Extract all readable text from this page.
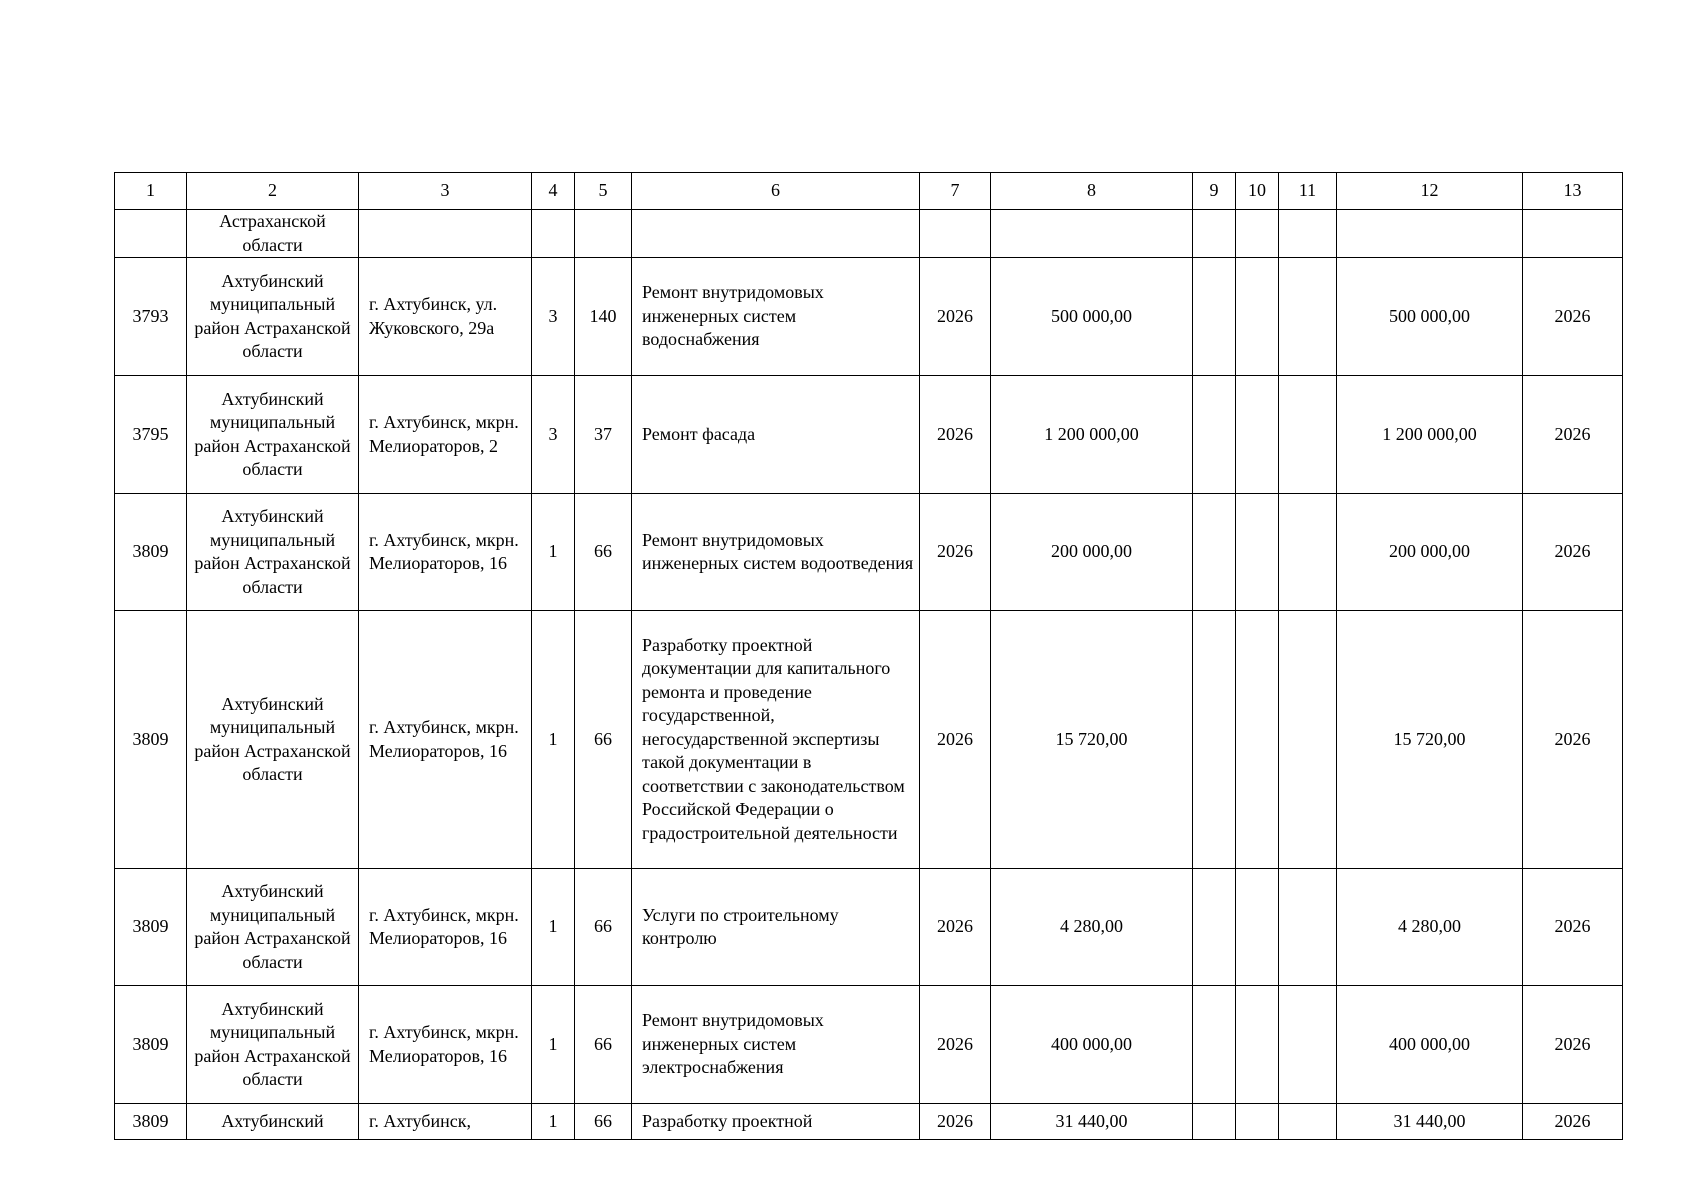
1	2	3	4	5	6	7	8	9	10	11	12	13
	Астраханской области											
3793	Ахтубинский муниципальный район Астраханской области	г. Ахтубинск, ул. Жуковского, 29а	3	140	Ремонт внутридомовых инженерных систем водоснабжения	2026	500 000,00				500 000,00	2026
3795	Ахтубинский муниципальный район Астраханской области	г. Ахтубинск, мкрн. Мелиораторов, 2	3	37	Ремонт фасада	2026	1 200 000,00				1 200 000,00	2026
3809	Ахтубинский муниципальный район Астраханской области	г. Ахтубинск, мкрн. Мелиораторов, 16	1	66	Ремонт внутридомовых инженерных систем водоотведения	2026	200 000,00				200 000,00	2026
3809	Ахтубинский муниципальный район Астраханской области	г. Ахтубинск, мкрн. Мелиораторов, 16	1	66	Разработку проектной документации для капитального ремонта и проведение государственной, негосударственной экспертизы такой документации в соответствии с законодательством Российской Федерации о градостроительной деятельности	2026	15 720,00				15 720,00	2026
3809	Ахтубинский муниципальный район Астраханской области	г. Ахтубинск, мкрн. Мелиораторов, 16	1	66	Услуги по строительному контролю	2026	4 280,00				4 280,00	2026
3809	Ахтубинский муниципальный район Астраханской области	г. Ахтубинск, мкрн. Мелиораторов, 16	1	66	Ремонт внутридомовых инженерных систем электроснабжения	2026	400 000,00				400 000,00	2026
3809	Ахтубинский	г. Ахтубинск,	1	66	Разработку проектной	2026	31 440,00				31 440,00	2026
